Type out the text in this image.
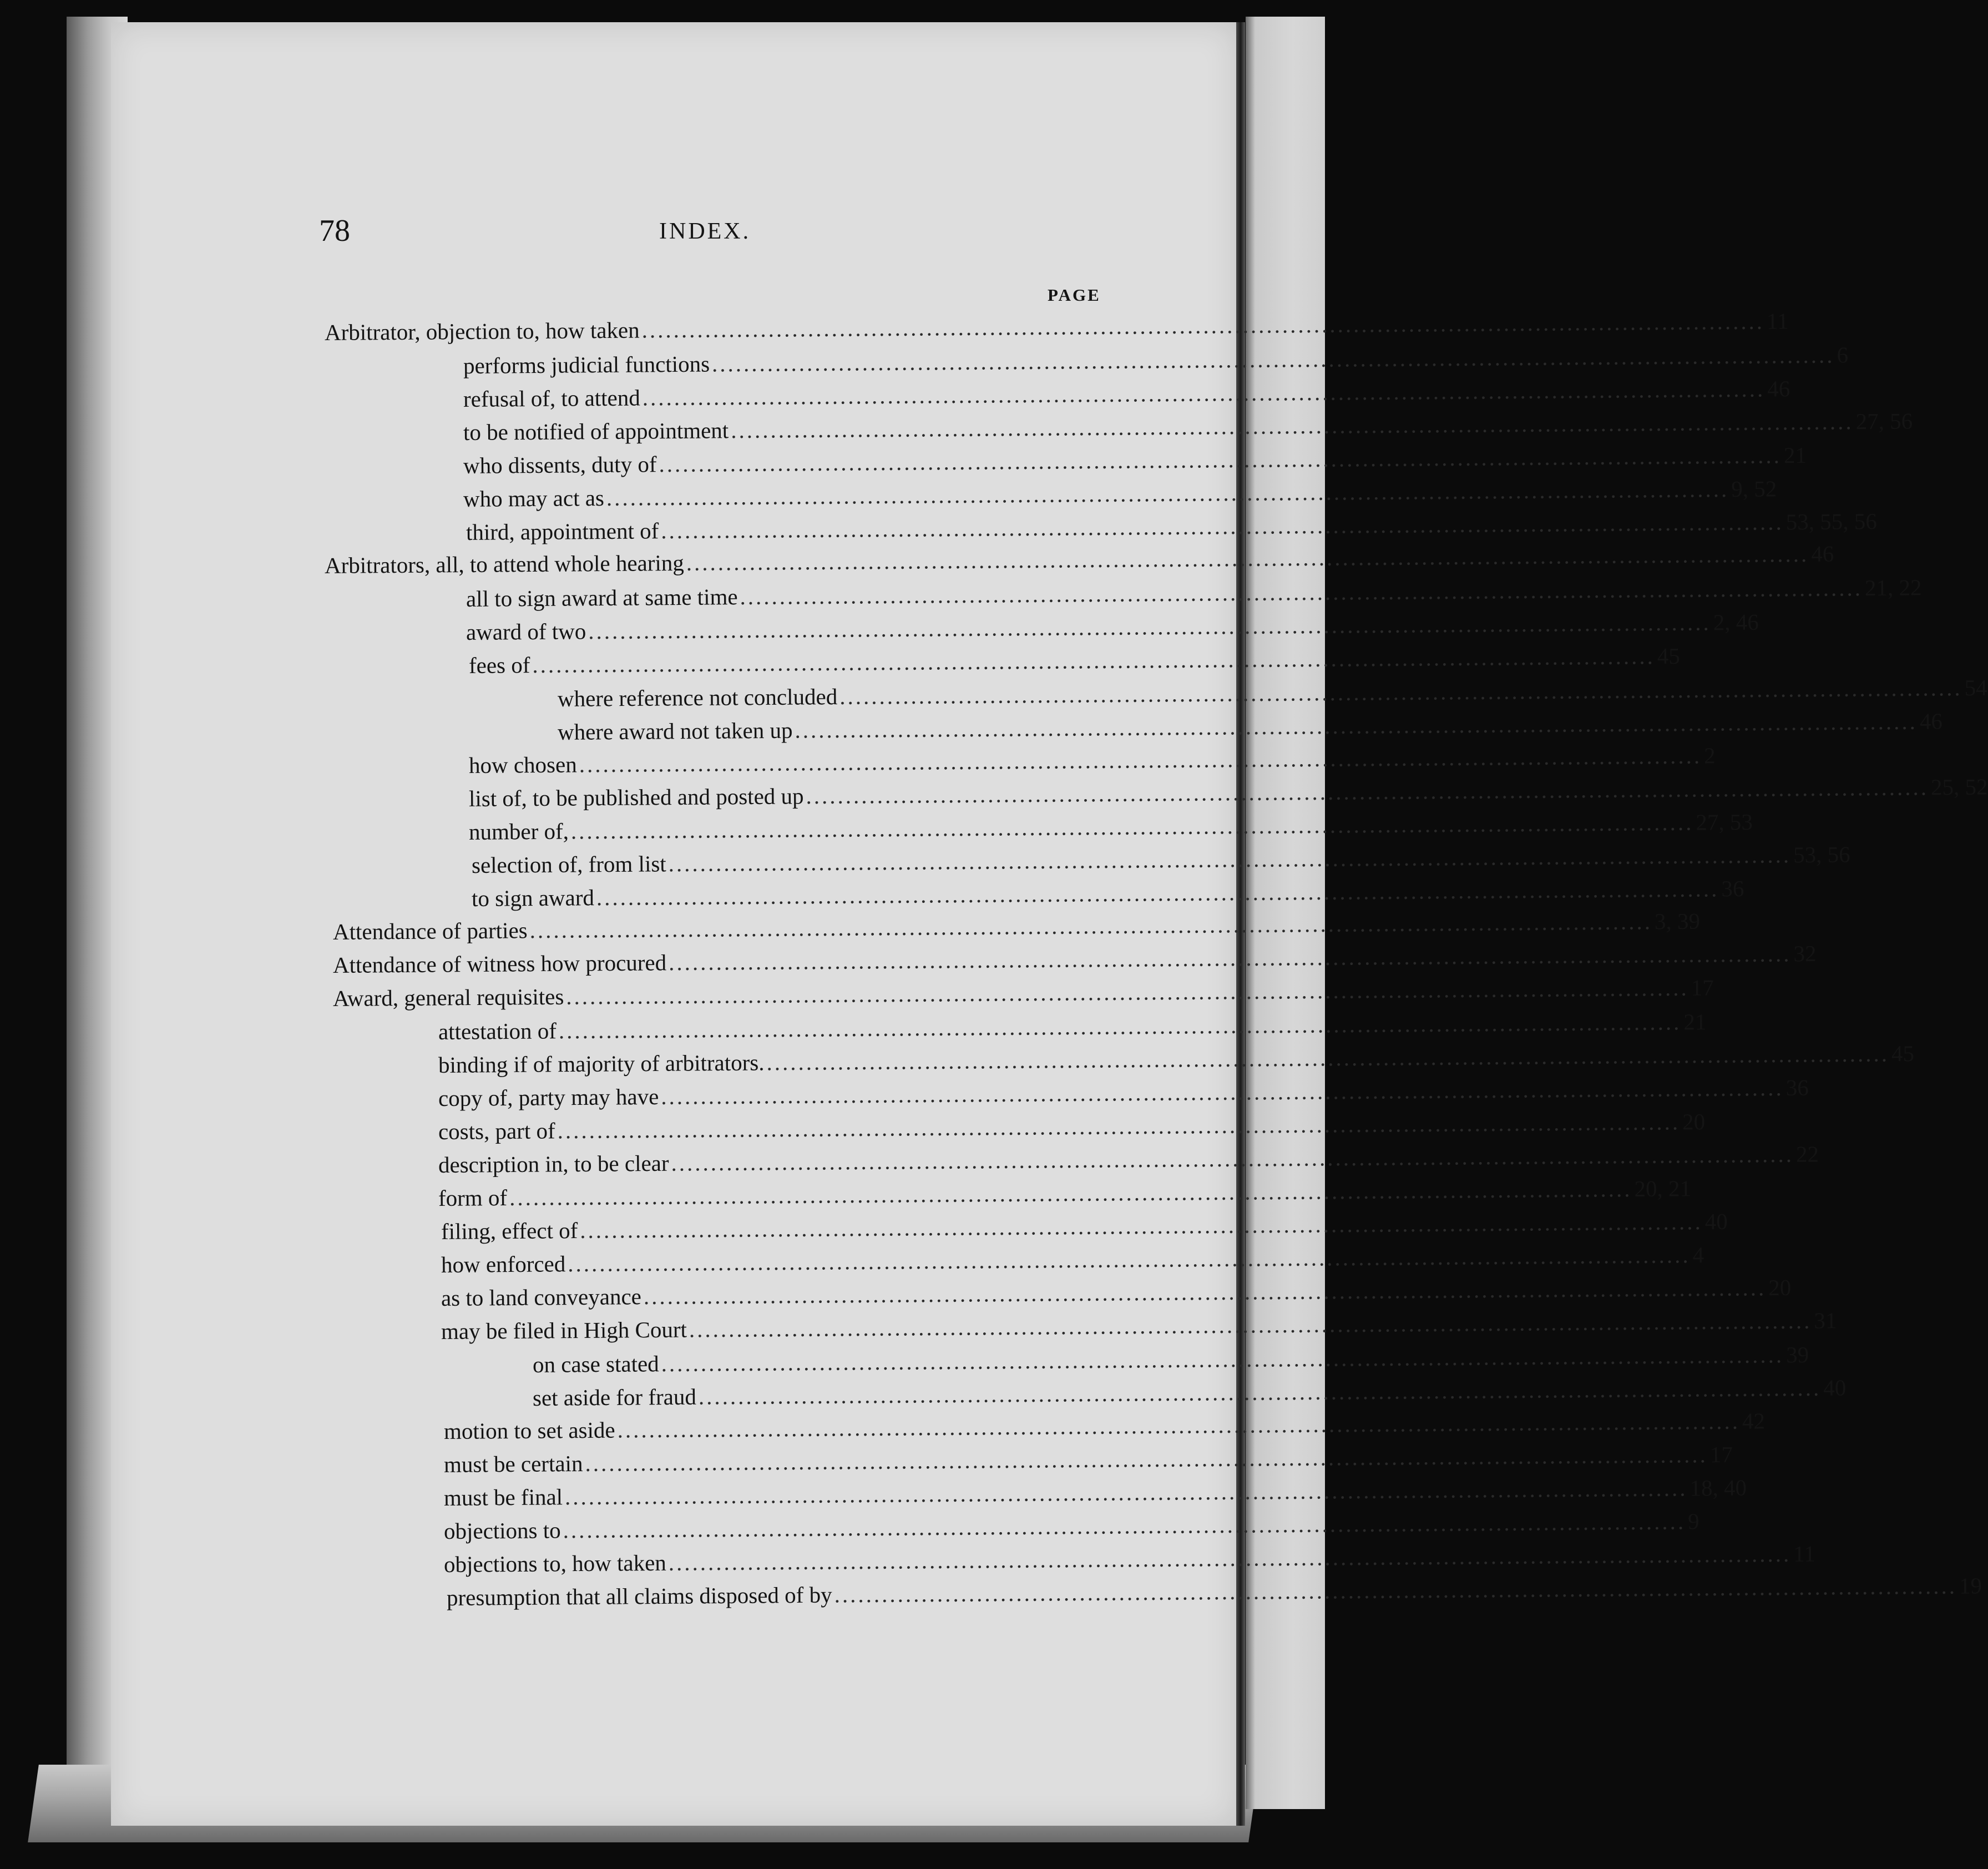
78	INDEX.
PAGE
Arbitrator, objection to, how taken .............................................................................................................................................. 11
performs judicial functions .............................................................................................................................................. 6
refusal of, to attend .............................................................................................................................................. 46
to be notified of appointment .............................................................................................................................................. 27, 56
who dissents, duty of .............................................................................................................................................. 21
who may act as .............................................................................................................................................. 9, 52
third, appointment of .............................................................................................................................................. 53, 55, 56
Arbitrators, all, to attend whole hearing .............................................................................................................................................. 46
all to sign award at same time .............................................................................................................................................. 21, 22
award of two .............................................................................................................................................. 2, 46
fees of .............................................................................................................................................. 45
where reference not concluded .............................................................................................................................................. 54
where award not taken up .............................................................................................................................................. 46
how chosen .............................................................................................................................................. 2
list of, to be published and posted up .............................................................................................................................................. 25, 52
number of, .............................................................................................................................................. 27, 53
selection of, from list .............................................................................................................................................. 53, 56
to sign award .............................................................................................................................................. 36
Attendance of parties .............................................................................................................................................. 3, 39
Attendance of witness how procured .............................................................................................................................................. 32
Award, general requisites .............................................................................................................................................. 17
attestation of .............................................................................................................................................. 21
binding if of majority of arbitrators. .............................................................................................................................................. 45
copy of, party may have .............................................................................................................................................. 36
costs, part of .............................................................................................................................................. 20
description in, to be clear .............................................................................................................................................. 22
form of .............................................................................................................................................. 20, 21
filing, effect of .............................................................................................................................................. 40
how enforced .............................................................................................................................................. 4
as to land conveyance .............................................................................................................................................. 20
may be filed in High Court .............................................................................................................................................. 31
on case stated .............................................................................................................................................. 39
set aside for fraud .............................................................................................................................................. 40
motion to set aside .............................................................................................................................................. 42
must be certain .............................................................................................................................................. 17
must be final .............................................................................................................................................. 18, 40
objections to .............................................................................................................................................. 9
objections to, how taken .............................................................................................................................................. 11
presumption that all claims disposed of by .............................................................................................................................................. 19
